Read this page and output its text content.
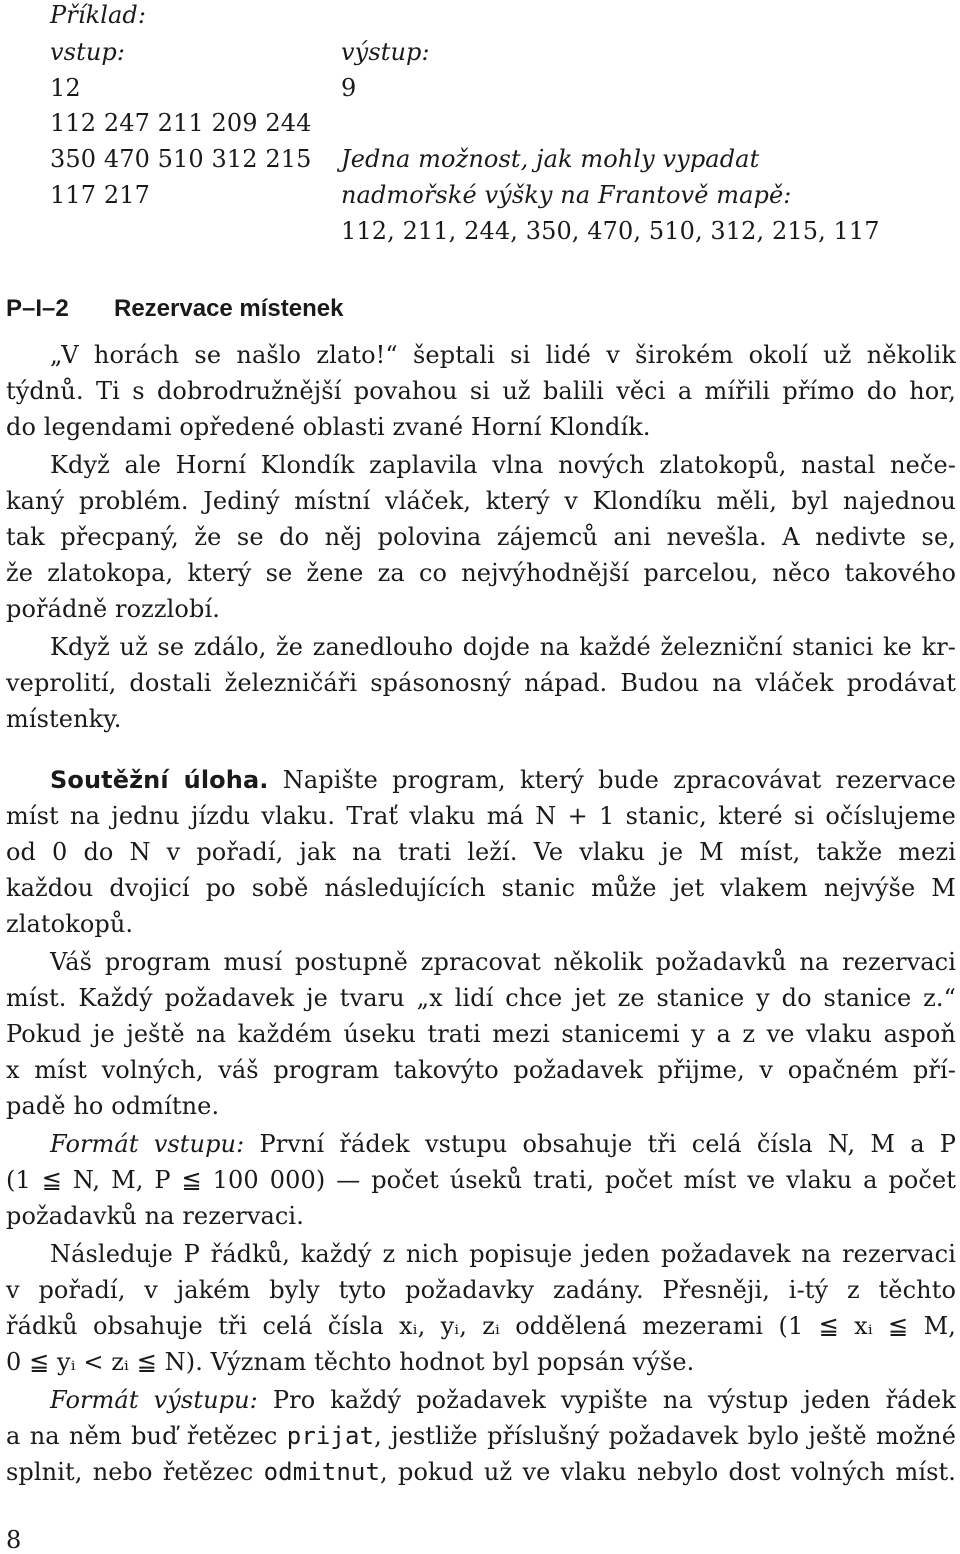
Příklad:
vstup:	výstup:
12
112 247 211 209 244
350 470 510 312 215
117 217
9
Jedna možnost, jak mohly vypadat
nadmořské výšky na Frantově mapě:
112, 211, 244, 350, 470, 510, 312, 215, 117
P–I–2 Rezervace místenek
„V horách se našlo zlato!“ šeptali si lidé v širokém okolí už několik
týdnů. Ti s dobrodružnější povahou si už balili věci a mířili přímo do hor,
do legendami opředené oblasti zvané Horní Klondík.
Když ale Horní Klondík zaplavila vlna nových zlatokopů, nastal neče-
kaný problém. Jediný místní vláček, který v Klondíku měli, byl najednou
tak přecpaný, že se do něj polovina zájemců ani nevešla. A nedivte se,
že zlatokopa, který se žene za co nejvýhodnější parcelou, něco takového
pořádně rozzlobí.
Když už se zdálo, že zanedlouho dojde na každé železniční stanici ke kr-
veprolití, dostali železničáři spásonosný nápad. Budou na vláček prodávat
místenky.
Soutěžní úloha. Napište program, který bude zpracovávat rezervace
míst na jednu jízdu vlaku. Trať vlaku má N + 1 stanic, které si očíslujeme
od 0 do N v pořadí, jak na trati leží. Ve vlaku je M míst, takže mezi
každou dvojicí po sobě následujících stanic může jet vlakem nejvýše M
zlatokopů.
Váš program musí postupně zpracovat několik požadavků na rezervaci
míst. Každý požadavek je tvaru „x lidí chce jet ze stanice y do stanice z.“
Pokud je ještě na každém úseku trati mezi stanicemi y a z ve vlaku aspoň
x míst volných, váš program takovýto požadavek přijme, v opačném pří-
padě ho odmítne.
Formát vstupu: První řádek vstupu obsahuje tři celá čísla N, M a P
(1 ≦ N, M, P ≦ 100 000) — počet úseků trati, počet míst ve vlaku a počet
požadavků na rezervaci.
Následuje P řádků, každý z nich popisuje jeden požadavek na rezervaci
v pořadí, v jakém byly tyto požadavky zadány. Přesněji, i-tý z těchto
řádků obsahuje tři celá čísla xᵢ, yᵢ, zᵢ oddělená mezerami (1 ≦ xᵢ ≦ M,
0 ≦ yᵢ < zᵢ ≦ N). Význam těchto hodnot byl popsán výše.
Formát výstupu: Pro každý požadavek vypište na výstup jeden řádek
a na něm buď řetězec prijat, jestliže příslušný požadavek bylo ještě možné
splnit, nebo řetězec odmitnut, pokud už ve vlaku nebylo dost volných míst.
8
